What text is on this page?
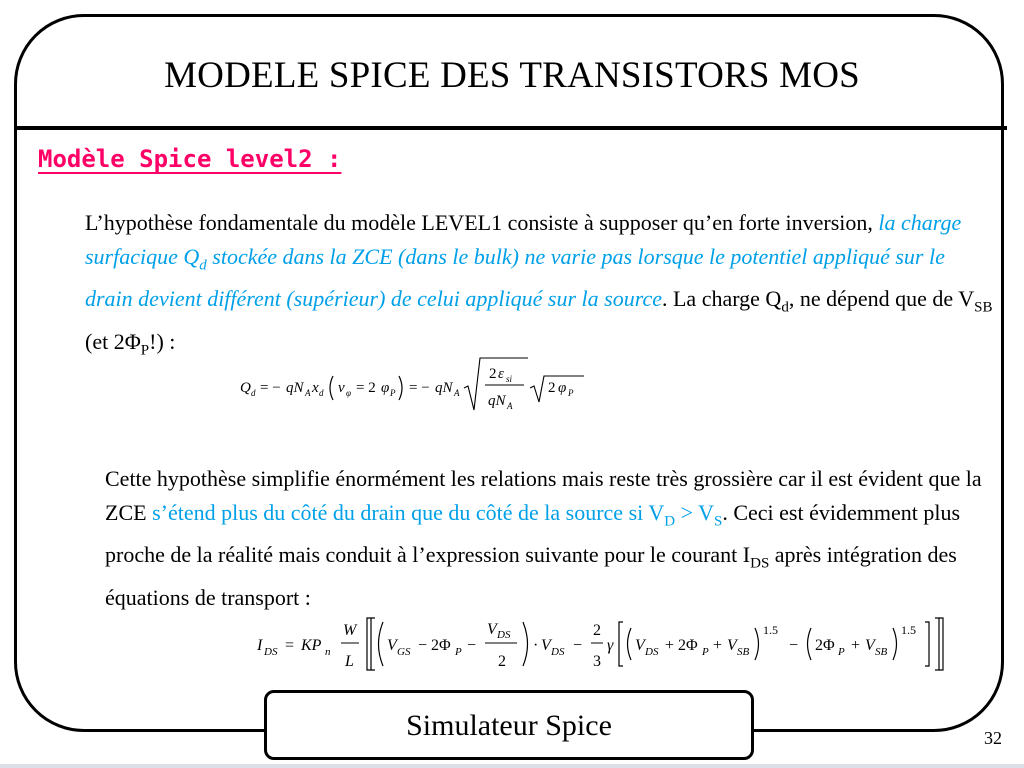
MODELE SPICE DES TRANSISTORS MOS
Modèle Spice level2 :
L’hypothèse fondamentale du modèle LEVEL1 consiste à supposer qu’en forte inversion, la charge surfacique $Q_d$ stockée dans la ZCE (dans le bulk) ne varie pas lorsque le potentiel appliqué sur le drain devient différent (supérieur) de celui appliqué sur la source. La charge $Q_d$, ne dépend que de $V_{SB}$ (et $2\Phi_P$!) :
Q d = − qN A x d v φ = 2 φ P = − qN A
2 ε si
qN A
2 φ P
Cette hypothèse simplifie énormément les relations mais reste très grossière car il est évident que la ZCE s’étend plus du côté du drain que du côté de la source si $V_D > V_S$. Ceci est évidemment plus proche de la réalité mais conduit à l’expression suivante pour le courant $I_{DS}$ après intégration des équations de transport :
I DS = KP n
W
L
V GS − 2Φ P −
V DS
2
· V DS −
2
3
γ V DS + 2Φ P + V SB
1.5
− 2Φ P + V SB
1.5
Simulateur Spice	32
